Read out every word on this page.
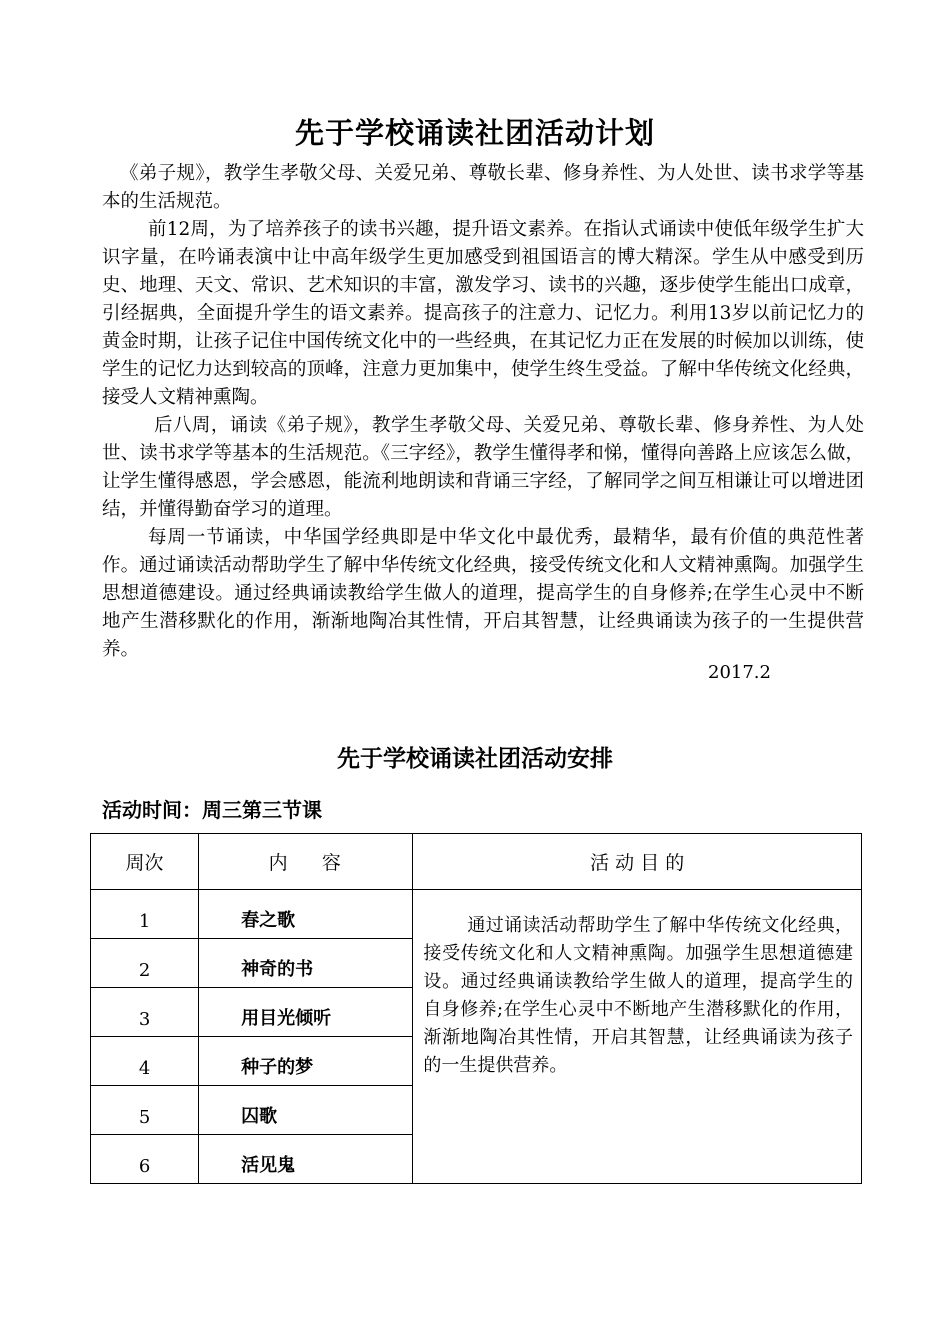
先于学校诵读社团活动计划

《弟子规》，教学生孝敬父母、关爱兄弟、尊敬长辈、修身养性、为人处世、读书求学等基本的生活规范。

前12周，为了培养孩子的读书兴趣，提升语文素养。在指认式诵读中使低年级学生扩大识字量，在吟诵表演中让中高年级学生更加感受到祖国语言的博大精深。学生从中感受到历史、地理、天文、常识、艺术知识的丰富，激发学习、读书的兴趣，逐步使学生能出口成章，引经据典，全面提升学生的语文素养。提高孩子的注意力、记忆力。利用13岁以前记忆力的黄金时期，让孩子记住中国传统文化中的一些经典，在其记忆力正在发展的时候加以训练，使学生的记忆力达到较高的顶峰，注意力更加集中，使学生终生受益。了解中华传统文化经典，接受人文精神熏陶。

后八周，诵读《弟子规》，教学生孝敬父母、关爱兄弟、尊敬长辈、修身养性、为人处世、读书求学等基本的生活规范。《三字经》，教学生懂得孝和悌，懂得向善路上应该怎么做，让学生懂得感恩，学会感恩，能流利地朗读和背诵三字经，了解同学之间互相谦让可以增进团结，并懂得勤奋学习的道理。

每周一节诵读，中华国学经典即是中华文化中最优秀，最精华，最有价值的典范性著作。通过诵读活动帮助学生了解中华传统文化经典，接受传统文化和人文精神熏陶。加强学生思想道德建设。通过经典诵读教给学生做人的道理，提高学生的自身修养;在学生心灵中不断地产生潜移默化的作用，渐渐地陶冶其性情，开启其智慧，让经典诵读为孩子的一生提供营养。

2017.2
先于学校诵读社团活动安排
活动时间：周三第三节课
周次	内    容	活 动 目 的
1	春之歌	通过诵读活动帮助学生了解中华传统文化经典，接受传统文化和人文精神熏陶。加强学生思想道德建设。通过经典诵读教给学生做人的道理，提高学生的自身修养;在学生心灵中不断地产生潜移默化的作用，渐渐地陶冶其性情，开启其智慧，让经典诵读为孩子的一生提供营养。

2	神奇的书	
3	用目光倾听	
4	种子的梦	
5	囚歌	
6	活见鬼	
